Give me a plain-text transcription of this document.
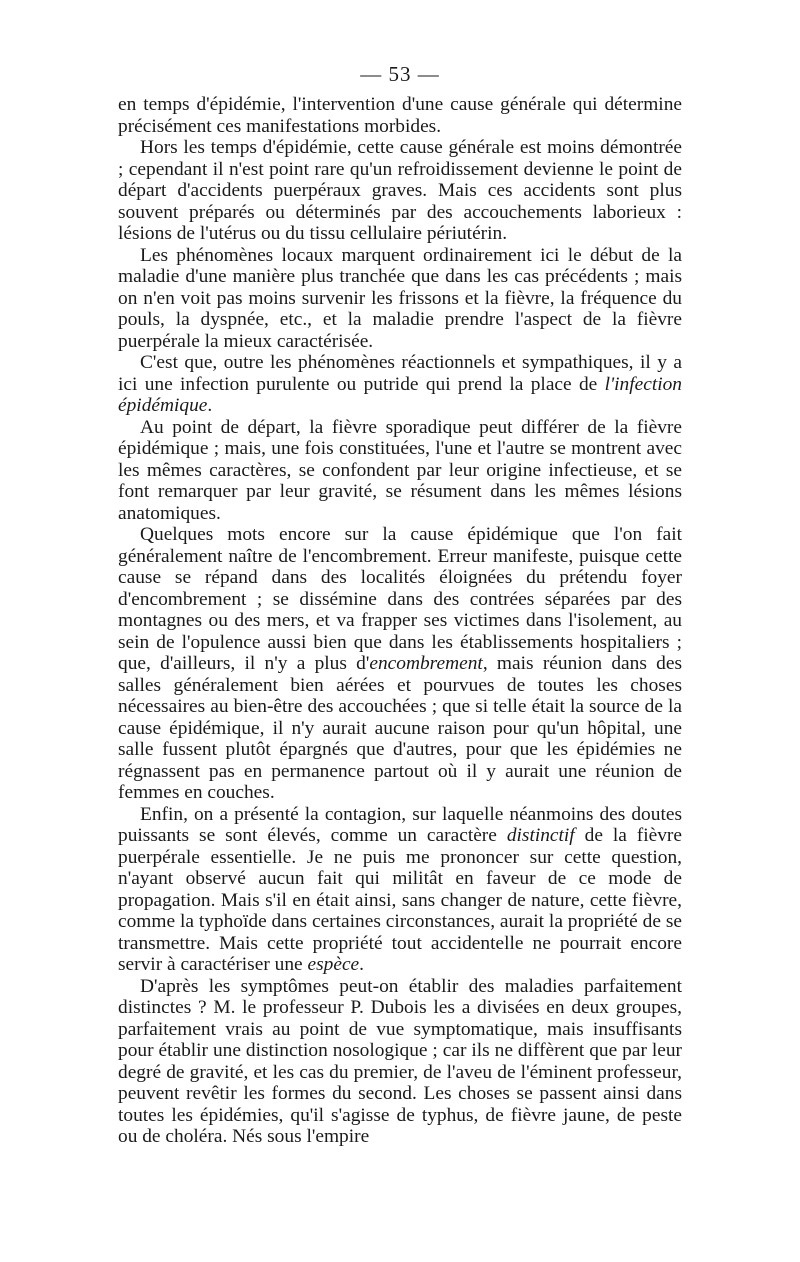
— 53 —

en temps d'épidémie, l'intervention d'une cause générale qui détermine précisément ces manifestations morbides.

Hors les temps d'épidémie, cette cause générale est moins démontrée ; cependant il n'est point rare qu'un refroidissement devienne le point de départ d'accidents puerpéraux graves. Mais ces accidents sont plus souvent préparés ou déterminés par des accouchements laborieux : lésions de l'utérus ou du tissu cellulaire périutérin.

Les phénomènes locaux marquent ordinairement ici le début de la maladie d'une manière plus tranchée que dans les cas précédents ; mais on n'en voit pas moins survenir les frissons et la fièvre, la fréquence du pouls, la dyspnée, etc., et la maladie prendre l'aspect de la fièvre puerpérale la mieux caractérisée.

C'est que, outre les phénomènes réactionnels et sympathiques, il y a ici une infection purulente ou putride qui prend la place de l'infection épidémique.

Au point de départ, la fièvre sporadique peut différer de la fièvre épidémique ; mais, une fois constituées, l'une et l'autre se montrent avec les mêmes caractères, se confondent par leur origine infectieuse, et se font remarquer par leur gravité, se résument dans les mêmes lésions anatomiques.

Quelques mots encore sur la cause épidémique que l'on fait généralement naître de l'encombrement. Erreur manifeste, puisque cette cause se répand dans des localités éloignées du prétendu foyer d'encombrement ; se dissémine dans des contrées séparées par des montagnes ou des mers, et va frapper ses victimes dans l'isolement, au sein de l'opulence aussi bien que dans les établissements hospitaliers ; que, d'ailleurs, il n'y a plus d'encombrement, mais réunion dans des salles généralement bien aérées et pourvues de toutes les choses nécessaires au bien-être des accouchées ; que si telle était la source de la cause épidémique, il n'y aurait aucune raison pour qu'un hôpital, une salle fussent plutôt épargnés que d'autres, pour que les épidémies ne régnassent pas en permanence partout où il y aurait une réunion de femmes en couches.

Enfin, on a présenté la contagion, sur laquelle néanmoins des doutes puissants se sont élevés, comme un caractère distinctif de la fièvre puerpérale essentielle. Je ne puis me prononcer sur cette question, n'ayant observé aucun fait qui militât en faveur de ce mode de propagation. Mais s'il en était ainsi, sans changer de nature, cette fièvre, comme la typhoïde dans certaines circonstances, aurait la propriété de se transmettre. Mais cette propriété tout accidentelle ne pourrait encore servir à caractériser une espèce.

D'après les symptômes peut-on établir des maladies parfaitement distinctes ? M. le professeur P. Dubois les a divisées en deux groupes, parfaitement vrais au point de vue symptomatique, mais insuffisants pour établir une distinction nosologique ; car ils ne diffèrent que par leur degré de gravité, et les cas du premier, de l'aveu de l'éminent professeur, peuvent revêtir les formes du second. Les choses se passent ainsi dans toutes les épidémies, qu'il s'agisse de typhus, de fièvre jaune, de peste ou de choléra. Nés sous l'empire
